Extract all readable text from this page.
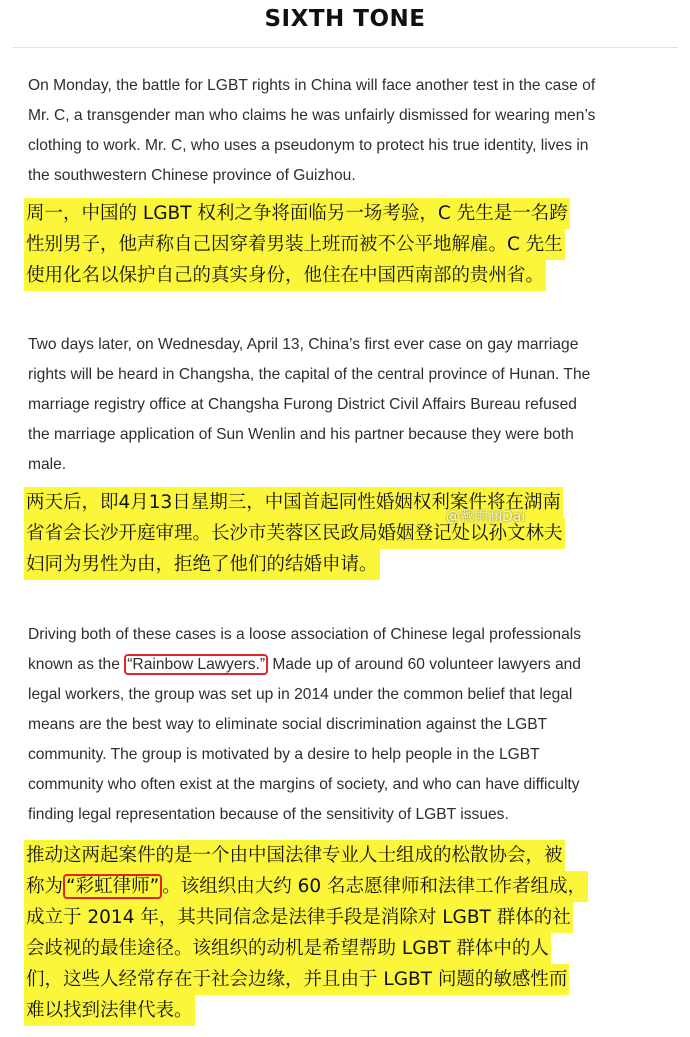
SIXTH TONE
On Monday, the battle for LGBT rights in China will face another test in the case of
Mr. C, a transgender man who claims he was unfairly dismissed for wearing men’s
clothing to work. Mr. C, who uses a pseudonym to protect his true identity, lives in
the southwestern Chinese province of Guizhou.
周一，中国的 LGBT 权利之争将面临另一场考验，C 先生是一名跨
性别男子，他声称自己因穿着男装上班而被不公平地解雇。C 先生
使用化名以保护自己的真实身份，他住在中国西南部的贵州省。
Two days later, on Wednesday, April 13, China’s first ever case on gay marriage
rights will be heard in Changsha, the capital of the central province of Hunan. The
marriage registry office at Changsha Furong District Civil Affairs Bureau refused
the marriage application of Sun Wenlin and his partner because they were both
male.
两天后，即4月13日星期三，中国首起同性婚姻权利案件将在湖南
省省会长沙开庭审理。长沙市芙蓉区民政局婚姻登记处以孙文林夫
妇同为男性为由，拒绝了他们的结婚申请。
Driving both of these cases is a loose association of Chinese legal professionals
known as the “Rainbow Lawyers.” Made up of around 60 volunteer lawyers and
legal workers, the group was set up in 2014 under the common belief that legal
means are the best way to eliminate social discrimination against the LGBT
community. The group is motivated by a desire to help people in the LGBT
community who often exist at the margins of society, and who can have difficulty
finding legal representation because of the sensitivity of LGBT issues.
推动这两起案件的是一个由中国法律专业人士组成的松散协会，被
称为 “彩虹律师” 。该组织由大约 60 名志愿律师和法律工作者组成，
成立于 2014 年，其共同信念是法律手段是消除对 LGBT 群体的社
会歧视的最佳途径。该组织的动机是希望帮助 LGBT 群体中的人
们，这些人经常存在于社会边缘，并且由于 LGBT 问题的敏感性而
难以找到法律代表。
@戴雨涵Dai
